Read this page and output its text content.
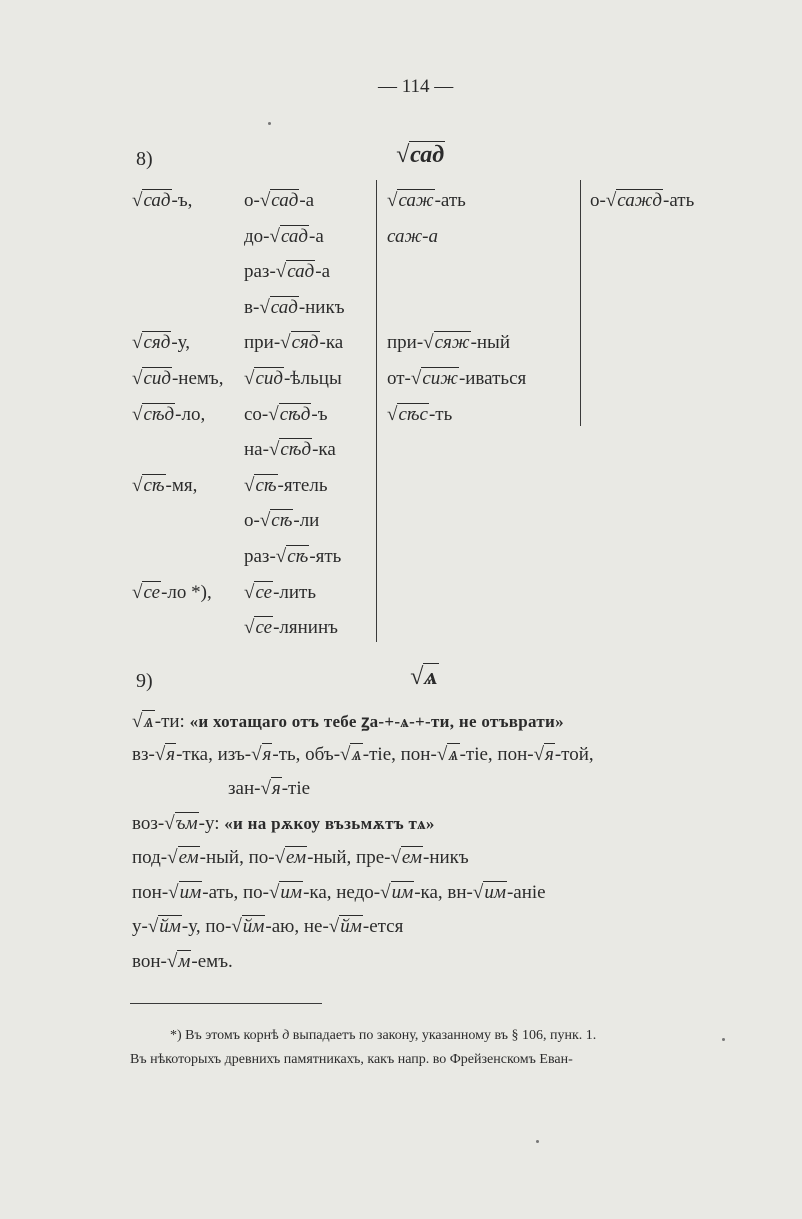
— 114 —
8)	√сад
9)	√ѧ
*) Въ этомъ корнѣ д выпадаетъ по закону, указанному въ § 106, пунк. 1.
Въ нѣкоторыхъ древнихъ памятникахъ, какъ напр. во Фрейзенскомъ Еван-
√сад-ъ,
√сяд-у,
√сид-немъ,
√сѣд-ло,
√сѣ-мя,
√се-ло *),
о-√сад-а
до-√сад-а
раз-√сад-а
в-√сад-никъ
при-√сяд-ка
√сид-ѣльцы
со-√сѣд-ъ
на-√сѣд-ка
√сѣ-ятель
о-√сѣ-ли
раз-√сѣ-ять
√се-лить
√се-лянинъ
√саж-ать
саж-а
при-√сяж-ный
от-√сиж-иваться
√сѣс-ть
о-√сажд-ать
√ѧ-ти: «и хотащаго отъ тебе ꙁа-+-ѧ-+-ти, не отъврати»
вз-√я-тка, изъ-√я-ть, объ-√ѧ-тіе, пон-√ѧ-тіе, пон-√я-той,
зан-√я-тіе
воз-√ъм-у: «и на рѫкоу възьмѫтъ тѧ»
под-√ем-ный, по-√ем-ный, пре-√ем-никъ
пон-√им-ать, по-√им-ка, недо-√им-ка, вн-√им-аніе
у-√йм-у, по-√йм-аю, не-√йм-ется
вон-√м-емъ.
